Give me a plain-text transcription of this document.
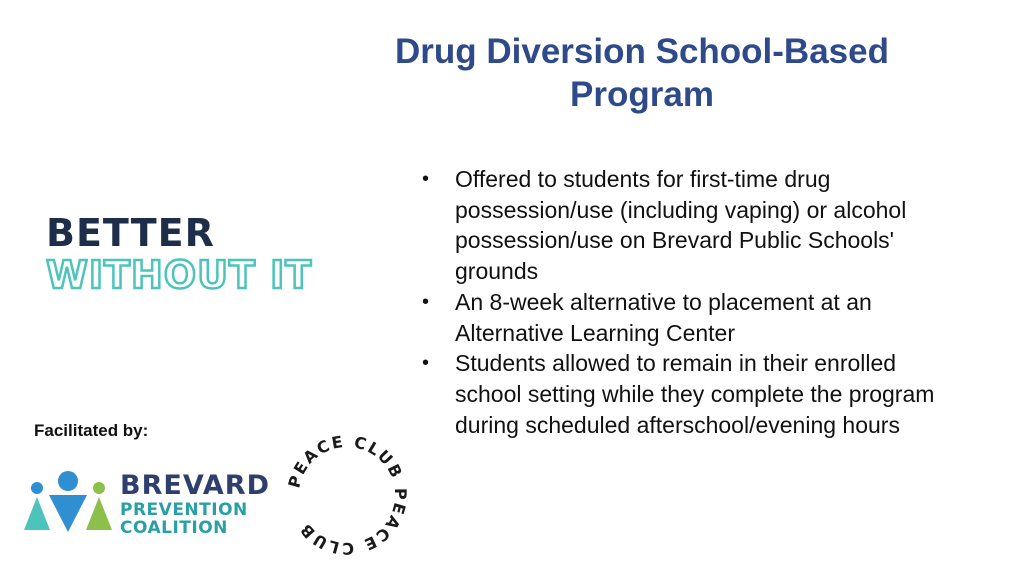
Drug Diversion School-Based Program
• Offered to students for first-time drug possession/use (including vaping) or alcohol possession/use on Brevard Public Schools' grounds
• An 8-week alternative to placement at an Alternative Learning Center
• Students allowed to remain in their enrolled school setting while they complete the program during scheduled afterschool/evening hours
BETTER
WITHOUT IT
Facilitated by:
BREVARD
PREVENTION
COALITION
PEACE CLUB PEACE CLUB
